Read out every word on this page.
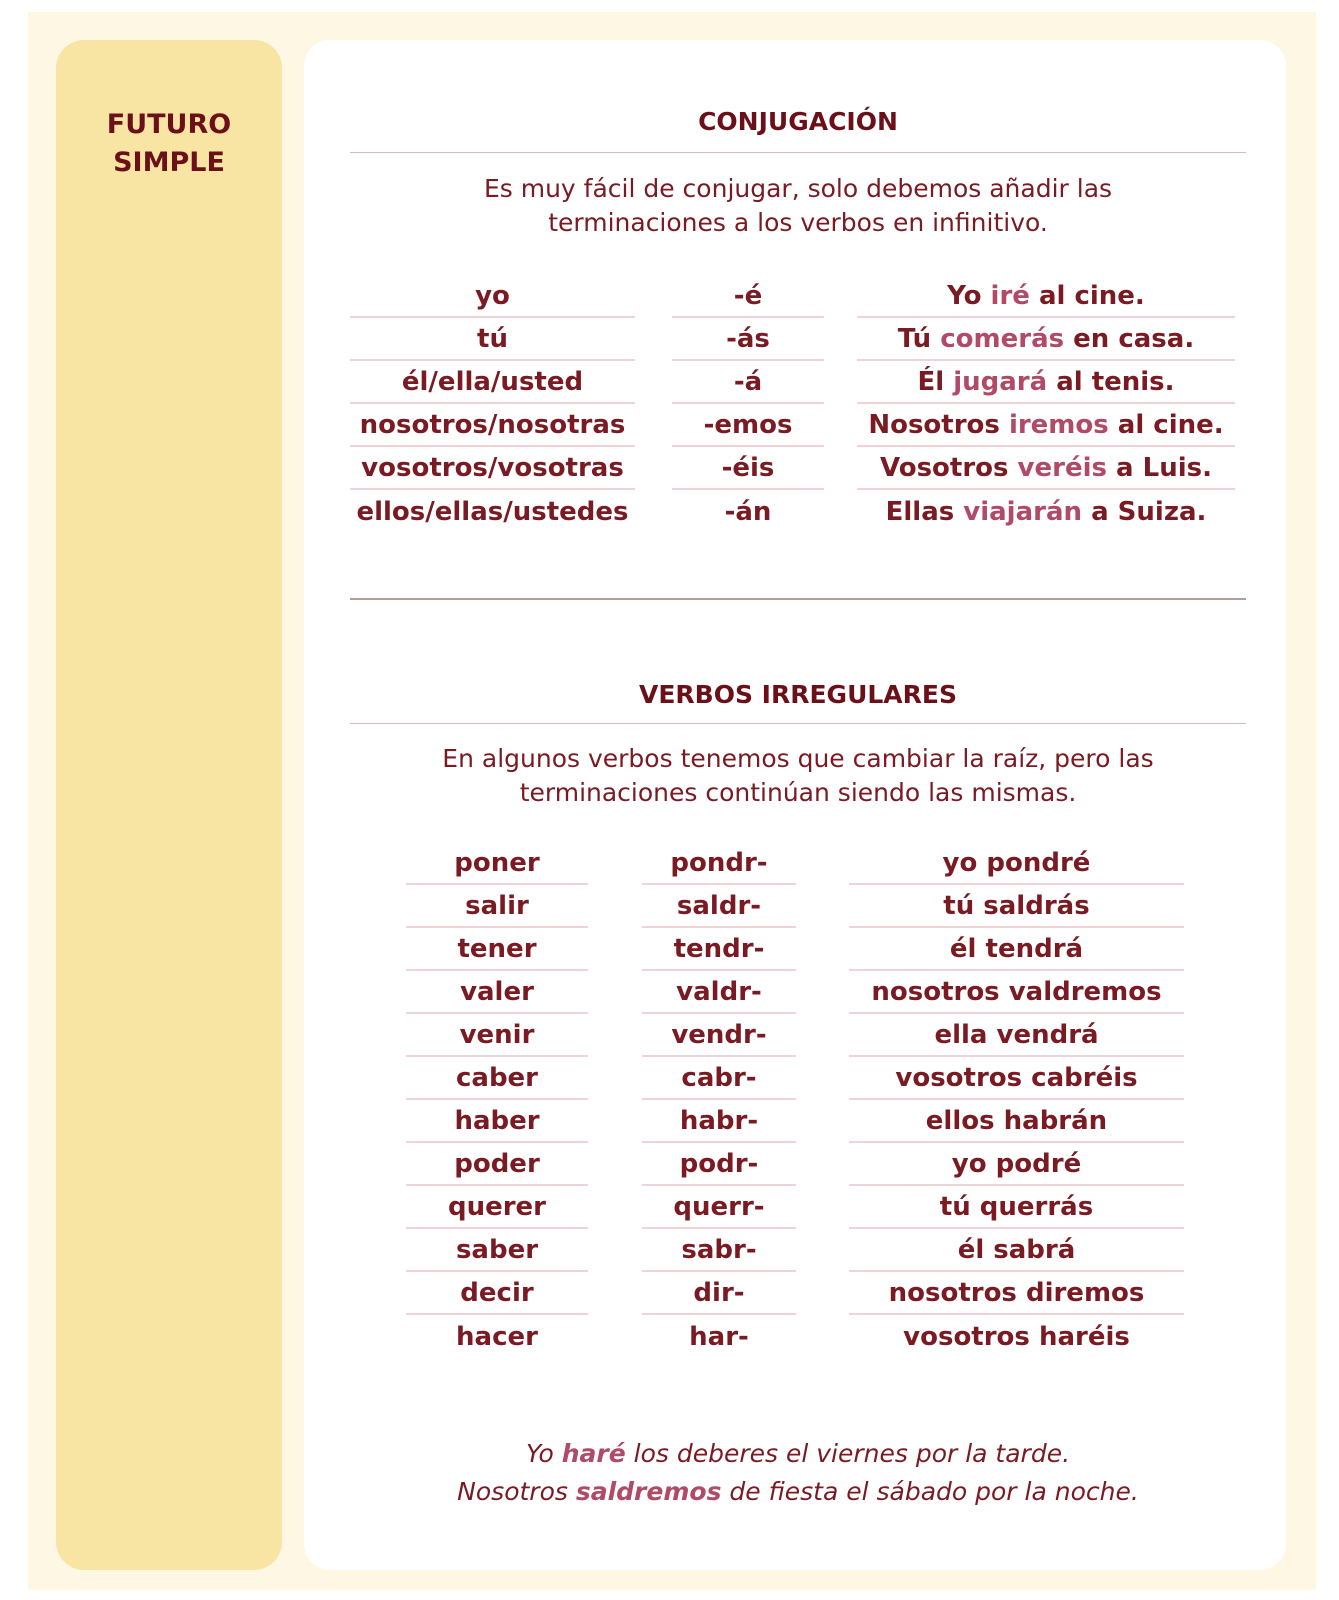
FUTURO
SIMPLE
CONJUGACIÓN
Es muy fácil de conjugar, solo debemos añadir las
terminaciones a los verbos en infinitivo.
yo
tú
él/ella/usted
nosotros/nosotras
vosotros/vosotras
ellos/ellas/ustedes
-é
-ás
-á
-emos
-éis
-án
Yo iré al cine.
Tú comerás en casa.
Él jugará al tenis.
Nosotros iremos al cine.
Vosotros veréis a Luis.
Ellas viajarán a Suiza.
VERBOS IRREGULARES
En algunos verbos tenemos que cambiar la raíz, pero las
terminaciones continúan siendo las mismas.
poner
salir
tener
valer
venir
caber
haber
poder
querer
saber
decir
hacer
pondr-
saldr-
tendr-
valdr-
vendr-
cabr-
habr-
podr-
querr-
sabr-
dir-
har-
yo pondré
tú saldrás
él tendrá
nosotros valdremos
ella vendrá
vosotros cabréis
ellos habrán
yo podré
tú querrás
él sabrá
nosotros diremos
vosotros haréis
Yo haré los deberes el viernes por la tarde.
Nosotros saldremos de fiesta el sábado por la noche.
